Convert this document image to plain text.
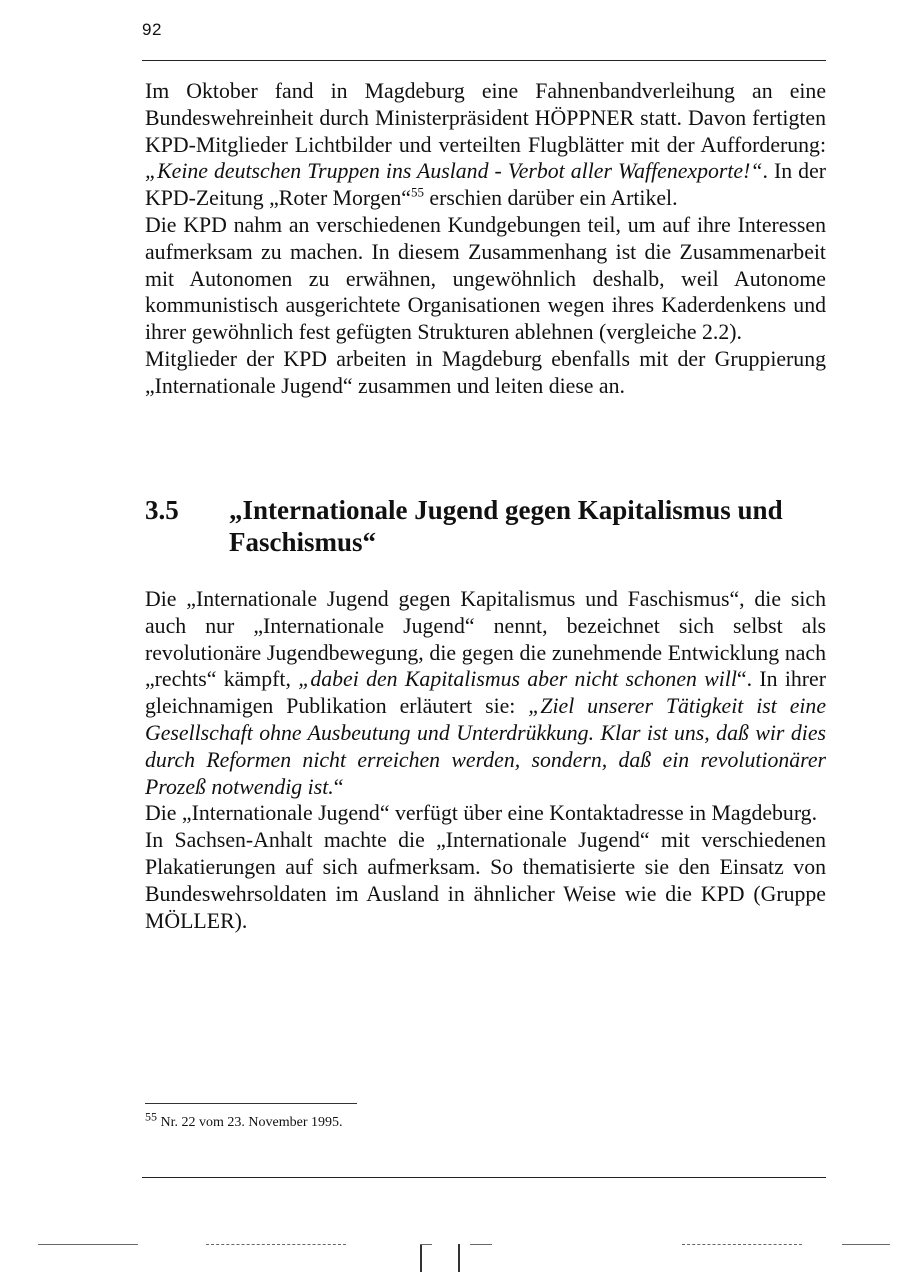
92

Im Oktober fand in Magdeburg eine Fahnenbandverleihung an eine Bundeswehreinheit durch Ministerpräsident HÖPPNER statt. Davon fertigten KPD-Mitglieder Lichtbilder und verteilten Flugblätter mit der Aufforderung: „Keine deutschen Truppen ins Ausland - Verbot aller Waffenexporte!“. In der KPD-Zeitung „Roter Morgen“$^{55}$ erschien darüber ein Artikel.

Die KPD nahm an verschiedenen Kundgebungen teil, um auf ihre Interessen aufmerksam zu machen. In diesem Zusammenhang ist die Zusammenarbeit mit Autonomen zu erwähnen, ungewöhnlich deshalb, weil Autonome kommunistisch ausgerichtete Organisationen wegen ihres Kaderdenkens und ihrer gewöhnlich fest gefügten Strukturen ablehnen (vergleiche 2.2).

Mitglieder der KPD arbeiten in Magdeburg ebenfalls mit der Gruppierung „Internationale Jugend“ zusammen und leiten diese an.

3.5 „Internationale Jugend gegen Kapitalismus und Faschismus“

Die „Internationale Jugend gegen Kapitalismus und Faschismus“, die sich auch nur „Internationale Jugend“ nennt, bezeichnet sich selbst als revolutionäre Jugendbewegung, die gegen die zunehmende Entwicklung nach „rechts“ kämpft, „dabei den Kapitalismus aber nicht schonen will“. In ihrer gleichnamigen Publikation erläutert sie: „Ziel unserer Tätigkeit ist eine Gesellschaft ohne Ausbeutung und Unterdrükkung. Klar ist uns, daß wir dies durch Reformen nicht erreichen werden, sondern, daß ein revolutionärer Prozeß notwendig ist.“

Die „Internationale Jugend“ verfügt über eine Kontaktadresse in Magdeburg.

In Sachsen-Anhalt machte die „Internationale Jugend“ mit verschiedenen Plakatierungen auf sich aufmerksam. So thematisierte sie den Einsatz von Bundeswehrsoldaten im Ausland in ähnlicher Weise wie die KPD (Gruppe MÖLLER).

$^{55}$ Nr. 22 vom 23. November 1995.
